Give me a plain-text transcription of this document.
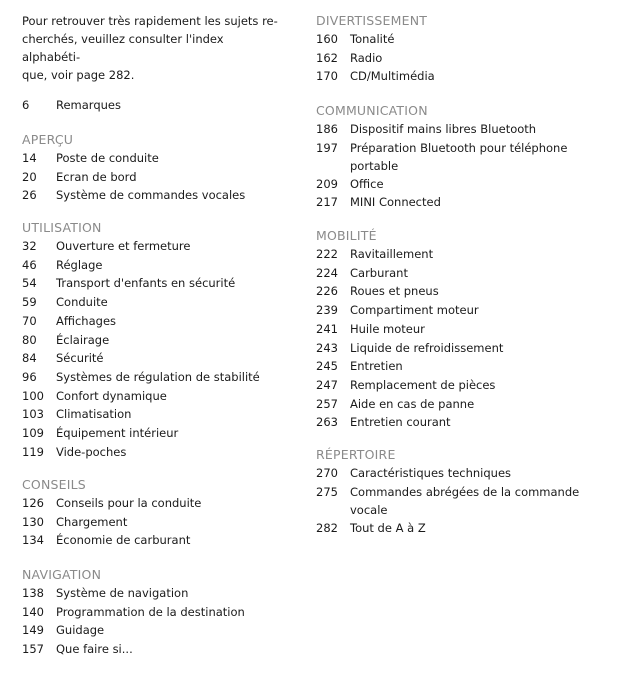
Pour retrouver très rapidement les sujets re-
cherchés, veuillez consulter l'index alphabéti-
que, voir page 282.
6	Remarques
APERÇU
14	Poste de conduite
20	Ecran de bord
26	Système de commandes vocales
UTILISATION
32	Ouverture et fermeture
46	Réglage
54	Transport d'enfants en sécurité
59	Conduite
70	Affichages
80	Éclairage
84	Sécurité
96	Systèmes de régulation de stabilité
100	Confort dynamique
103	Climatisation
109	Équipement intérieur
119	Vide-poches
CONSEILS
126	Conseils pour la conduite
130	Chargement
134	Économie de carburant
NAVIGATION
138	Système de navigation
140	Programmation de la destination
149	Guidage
157	Que faire si...
DIVERTISSEMENT
160	Tonalité
162	Radio
170	CD/Multimédia
COMMUNICATION
186	Dispositif mains libres Bluetooth
197	Préparation Bluetooth pour téléphone portable
209	Office
217	MINI Connected
MOBILITÉ
222	Ravitaillement
224	Carburant
226	Roues et pneus
239	Compartiment moteur
241	Huile moteur
243	Liquide de refroidissement
245	Entretien
247	Remplacement de pièces
257	Aide en cas de panne
263	Entretien courant
RÉPERTOIRE
270	Caractéristiques techniques
275	Commandes abrégées de la commande vocale
282	Tout de A à Z
